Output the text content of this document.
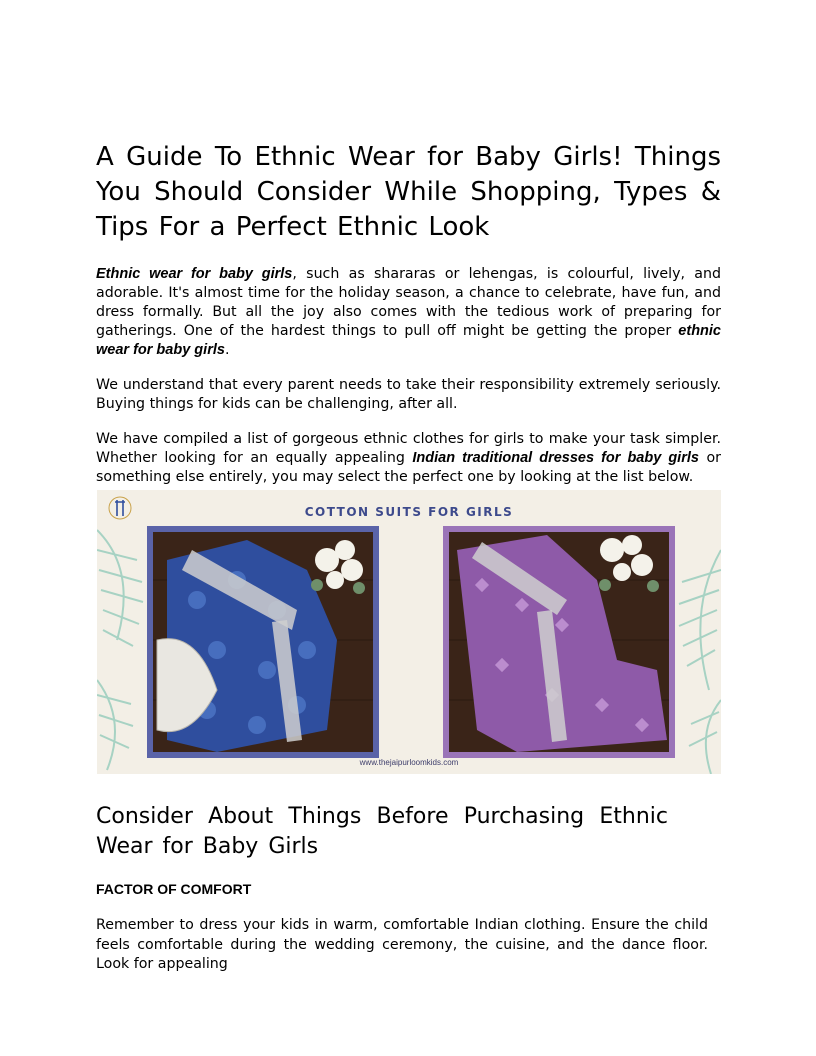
A Guide To Ethnic Wear for Baby Girls! Things You Should Consider While Shopping, Types & Tips For a Perfect Ethnic Look

Ethnic wear for baby girls, such as shararas or lehengas, is colourful, lively, and adorable. It's almost time for the holiday season, a chance to celebrate, have fun, and dress formally. But all the joy also comes with the tedious work of preparing for gatherings. One of the hardest things to pull off might be getting the proper ethnic wear for baby girls.

We understand that every parent needs to take their responsibility extremely seriously. Buying things for kids can be challenging, after all.

We have compiled a list of gorgeous ethnic clothes for girls to make your task simpler. Whether looking for an equally appealing Indian traditional dresses for baby girls or something else entirely, you may select the perfect one by looking at the list below.

COTTON SUITS FOR GIRLS
www.thejaipurloomkids.com
Consider About Things Before Purchasing Ethnic Wear for Baby Girls
FACTOR OF COMFORT

Remember to dress your kids in warm, comfortable Indian clothing. Ensure the child feels comfortable during the wedding ceremony, the cuisine, and the dance floor. Look for appealing
